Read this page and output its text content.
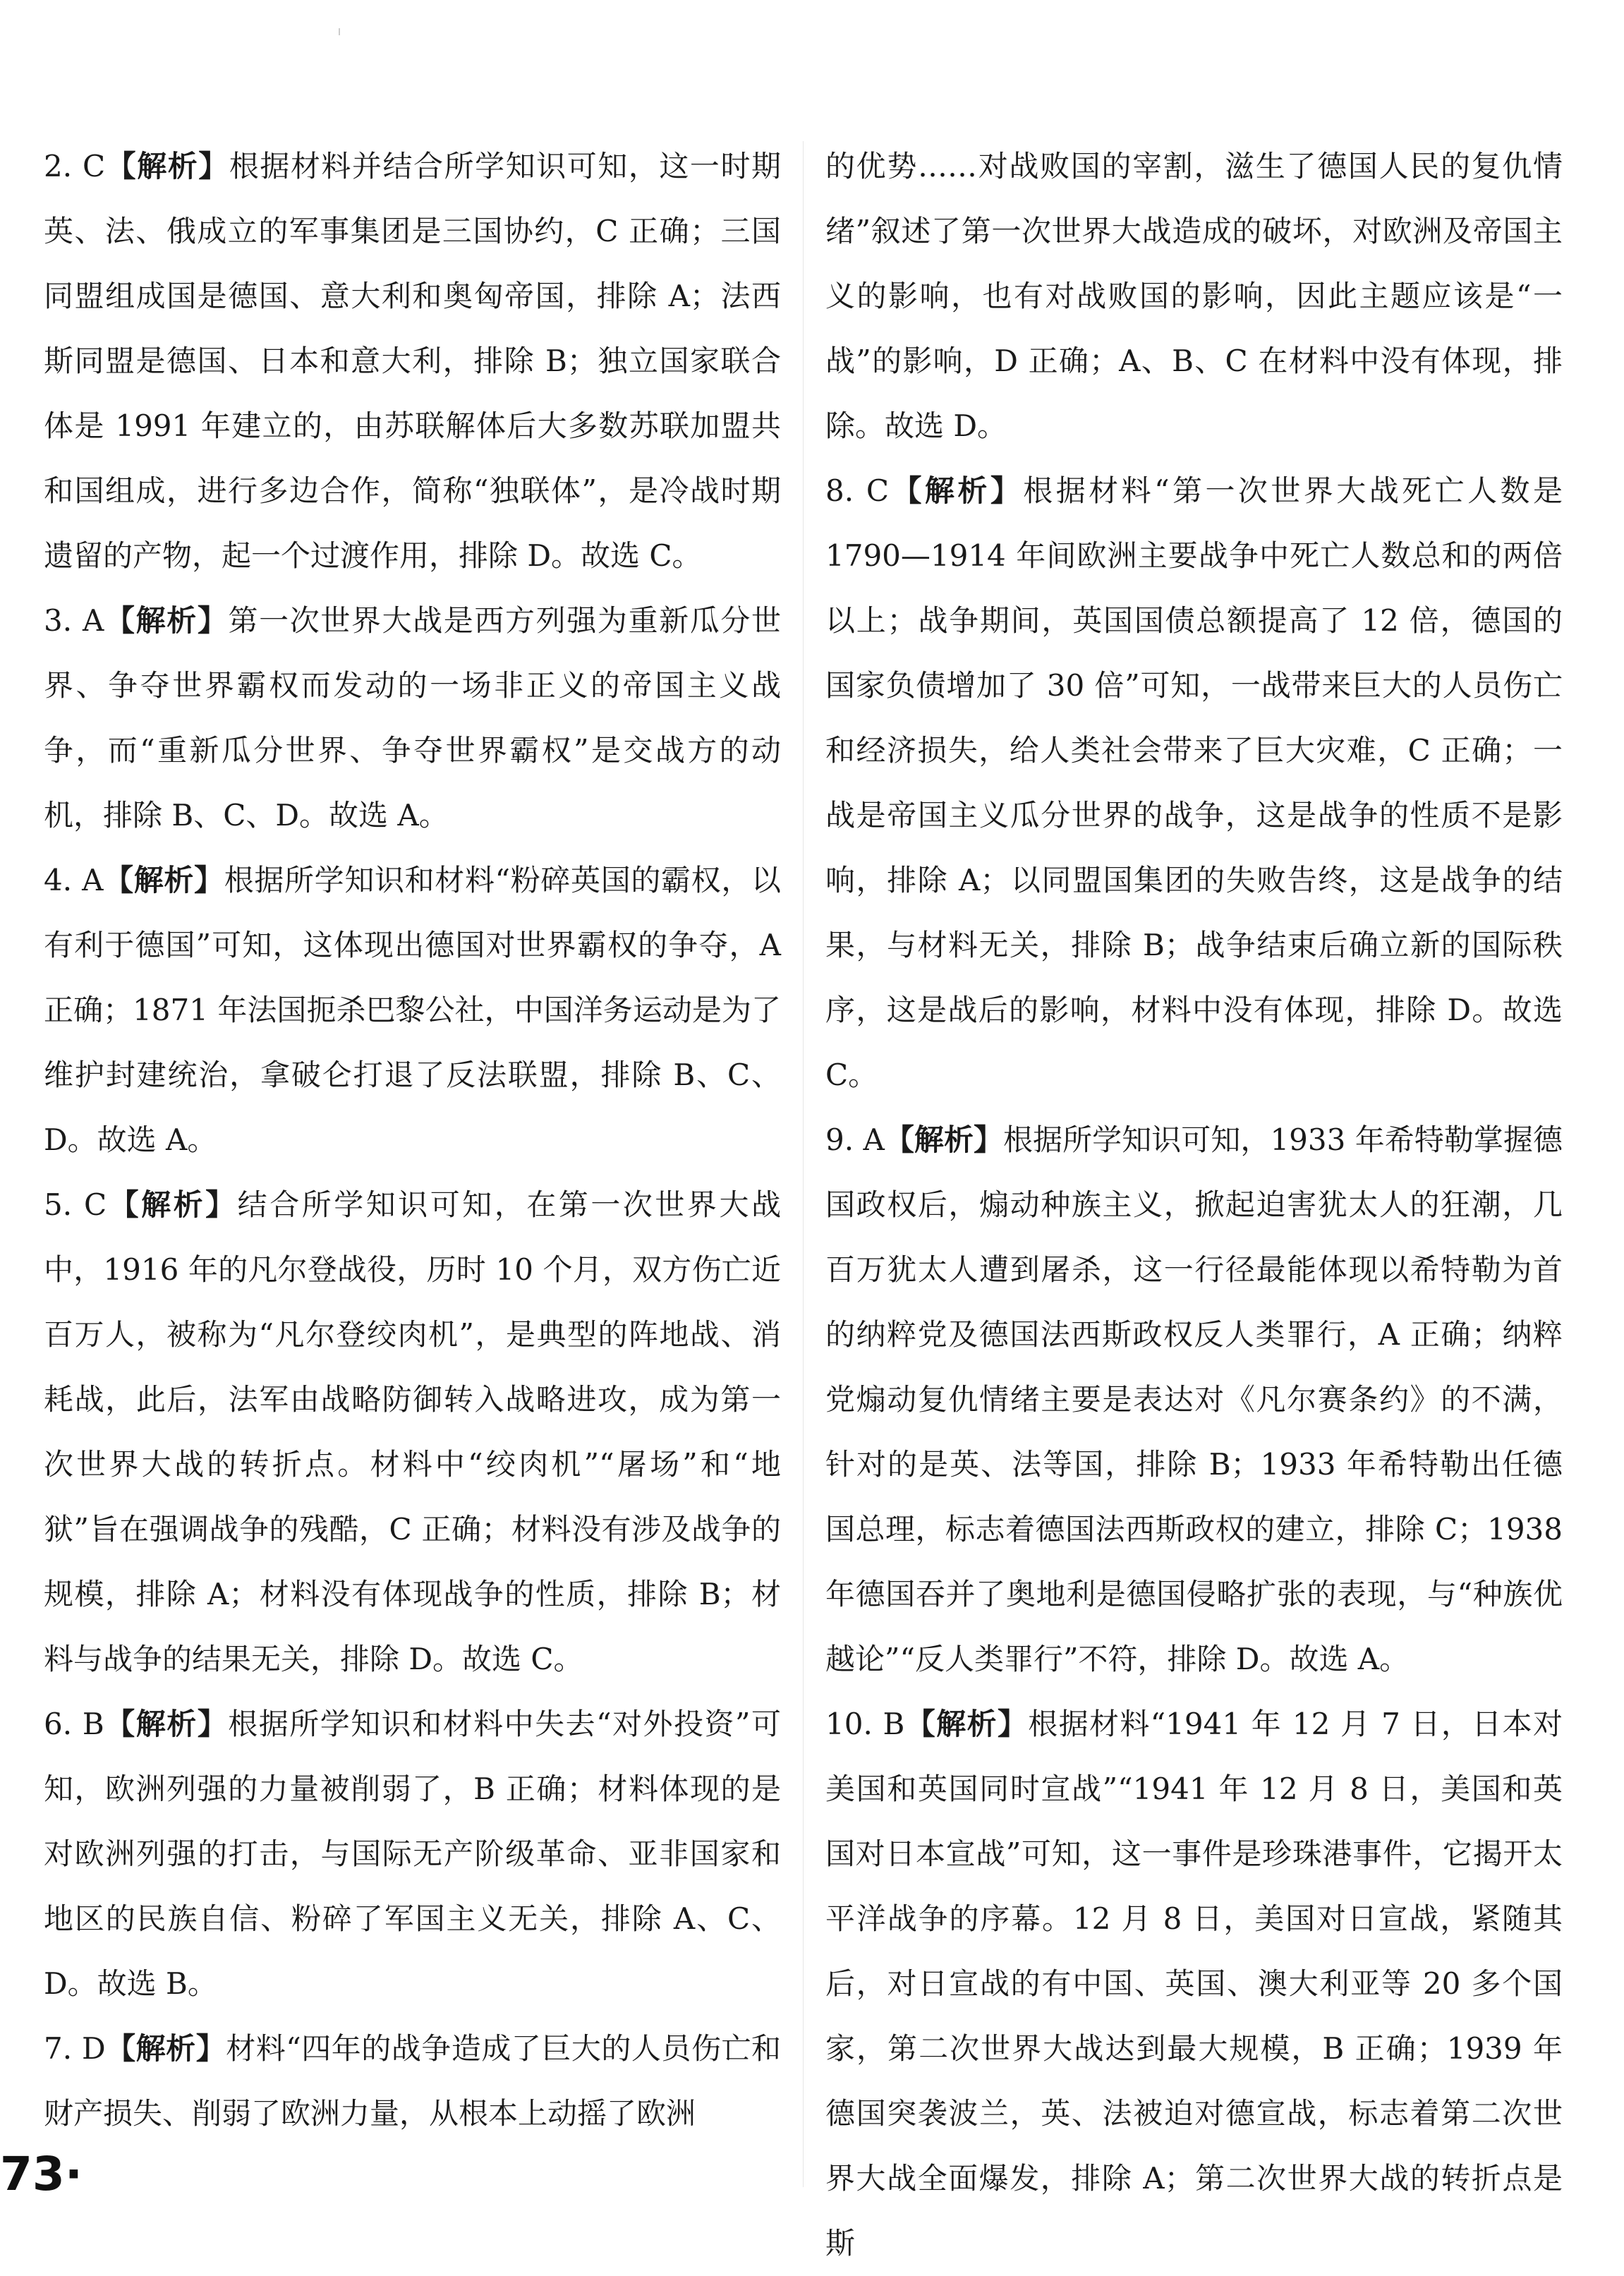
2. C【解析】根据材料并结合所学知识可知，这一时期英、法、俄成立的军事集团是三国协约，C 正确；三国同盟组成国是德国、意大利和奥匈帝国，排除 A；法西斯同盟是德国、日本和意大利，排除 B；独立国家联合体是 1991 年建立的，由苏联解体后大多数苏联加盟共和国组成，进行多边合作，简称“独联体”，是冷战时期遗留的产物，起一个过渡作用，排除 D。故选 C。

3. A【解析】第一次世界大战是西方列强为重新瓜分世界、争夺世界霸权而发动的一场非正义的帝国主义战争，而“重新瓜分世界、争夺世界霸权”是交战方的动机，排除 B、C、D。故选 A。

4. A【解析】根据所学知识和材料“粉碎英国的霸权，以有利于德国”可知，这体现出德国对世界霸权的争夺，A 正确；1871 年法国扼杀巴黎公社，中国洋务运动是为了维护封建统治，拿破仑打退了反法联盟，排除 B、C、D。故选 A。

5. C【解析】结合所学知识可知，在第一次世界大战中，1916 年的凡尔登战役，历时 10 个月，双方伤亡近百万人，被称为“凡尔登绞肉机”，是典型的阵地战、消耗战，此后，法军由战略防御转入战略进攻，成为第一次世界大战的转折点。材料中“绞肉机”“屠场”和“地狱”旨在强调战争的残酷，C 正确；材料没有涉及战争的规模，排除 A；材料没有体现战争的性质，排除 B；材料与战争的结果无关，排除 D。故选 C。

6. B【解析】根据所学知识和材料中失去“对外投资”可知，欧洲列强的力量被削弱了，B 正确；材料体现的是对欧洲列强的打击，与国际无产阶级革命、亚非国家和地区的民族自信、粉碎了军国主义无关，排除 A、C、D。故选 B。

7. D【解析】材料“四年的战争造成了巨大的人员伤亡和财产损失、削弱了欧洲力量，从根本上动摇了欧洲

的优势……对战败国的宰割，滋生了德国人民的复仇情绪”叙述了第一次世界大战造成的破坏，对欧洲及帝国主义的影响，也有对战败国的影响，因此主题应该是“一战”的影响，D 正确；A、B、C 在材料中没有体现，排除。故选 D。

8. C【解析】根据材料“第一次世界大战死亡人数是 1790—1914 年间欧洲主要战争中死亡人数总和的两倍以上；战争期间，英国国债总额提高了 12 倍，德国的国家负债增加了 30 倍”可知，一战带来巨大的人员伤亡和经济损失，给人类社会带来了巨大灾难，C 正确；一战是帝国主义瓜分世界的战争，这是战争的性质不是影响，排除 A；以同盟国集团的失败告终，这是战争的结果，与材料无关，排除 B；战争结束后确立新的国际秩序，这是战后的影响，材料中没有体现，排除 D。故选 C。

9. A【解析】根据所学知识可知，1933 年希特勒掌握德国政权后，煽动种族主义，掀起迫害犹太人的狂潮，几百万犹太人遭到屠杀，这一行径最能体现以希特勒为首的纳粹党及德国法西斯政权反人类罪行，A 正确；纳粹党煽动复仇情绪主要是表达对《凡尔赛条约》的不满，针对的是英、法等国，排除 B；1933 年希特勒出任德国总理，标志着德国法西斯政权的建立，排除 C；1938 年德国吞并了奥地利是德国侵略扩张的表现，与“种族优越论”“反人类罪行”不符，排除 D。故选 A。

10. B【解析】根据材料“1941 年 12 月 7 日，日本对美国和英国同时宣战”“1941 年 12 月 8 日，美国和英国对日本宣战”可知，这一事件是珍珠港事件，它揭开太平洋战争的序幕。12 月 8 日，美国对日宣战，紧随其后，对日宣战的有中国、英国、澳大利亚等 20 多个国家，第二次世界大战达到最大规模，B 正确；1939 年德国突袭波兰，英、法被迫对德宣战，标志着第二次世界大战全面爆发，排除 A；第二次世界大战的转折点是斯

73·
